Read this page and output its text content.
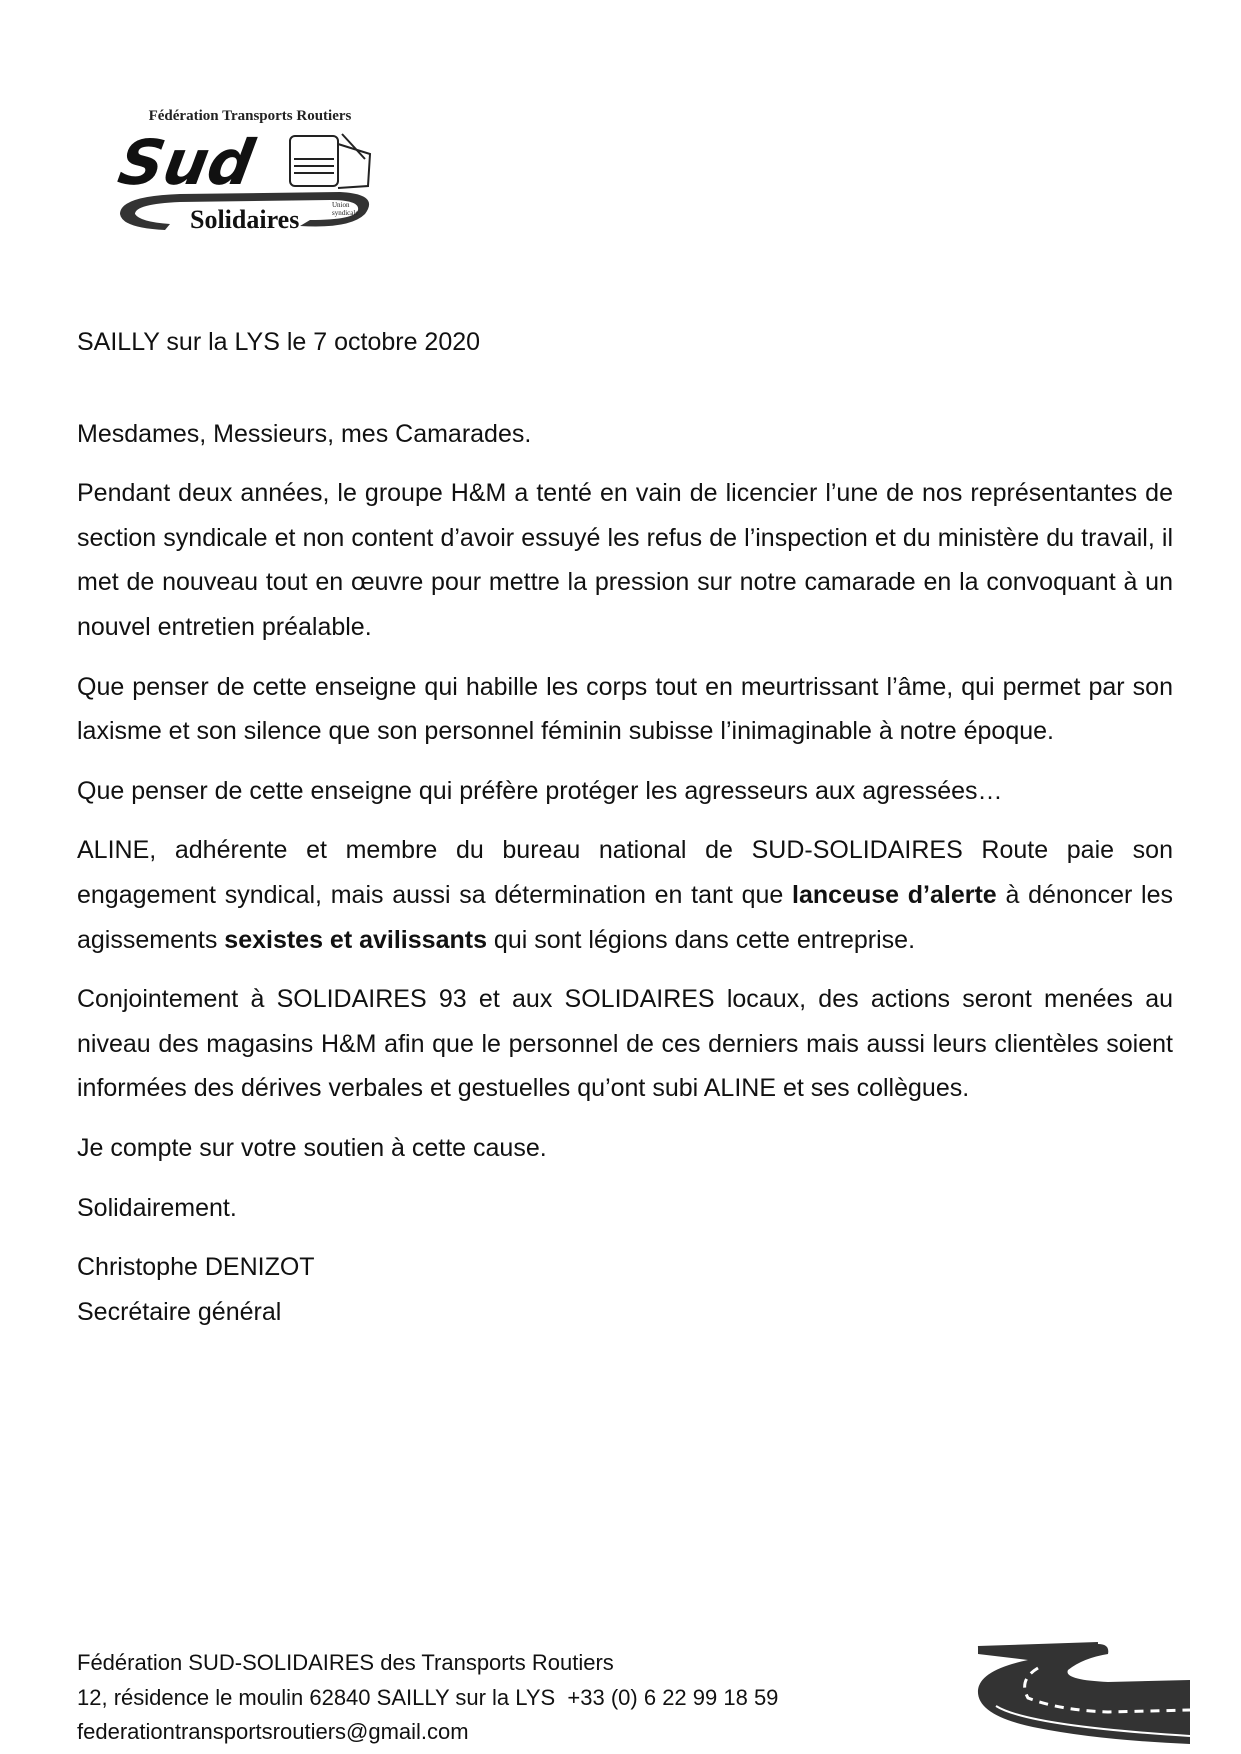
Fédération Transports Routiers
Sud
Solidaires	Union
syndicale

SAILLY sur la LYS le 7 octobre 2020

Mesdames, Messieurs, mes Camarades.

Pendant deux années, le groupe H&M a tenté en vain de licencier l’une de nos représentantes de section syndicale et non content d’avoir essuyé les refus de l’inspection et du ministère du travail, il met de nouveau tout en œuvre pour mettre la pression sur notre camarade en la convoquant à un nouvel entretien préalable.

Que penser de cette enseigne qui habille les corps tout en meurtrissant l’âme, qui permet par son laxisme et son silence que son personnel féminin subisse l’inimaginable à notre époque.

Que penser de cette enseigne qui préfère protéger les agresseurs aux agressées…

ALINE, adhérente et membre du bureau national de SUD-SOLIDAIRES Route paie son engagement syndical, mais aussi sa détermination en tant que lanceuse d’alerte à dénoncer les agissements sexistes et avilissants qui sont légions dans cette entreprise.

Conjointement à SOLIDAIRES 93 et aux SOLIDAIRES locaux, des actions seront menées au niveau des magasins H&M afin que le personnel de ces derniers mais aussi leurs clientèles soient informées des dérives verbales et gestuelles qu’ont subi ALINE et ses collègues.

Je compte sur votre soutien à cette cause.

Solidairement.

Christophe DENIZOT

Secrétaire général

Fédération SUD-SOLIDAIRES des Transports Routiers
12, résidence le moulin 62840 SAILLY sur la LYS  +33 (0) 6 22 99 18 59
federationtransportsroutiers@gmail.com
